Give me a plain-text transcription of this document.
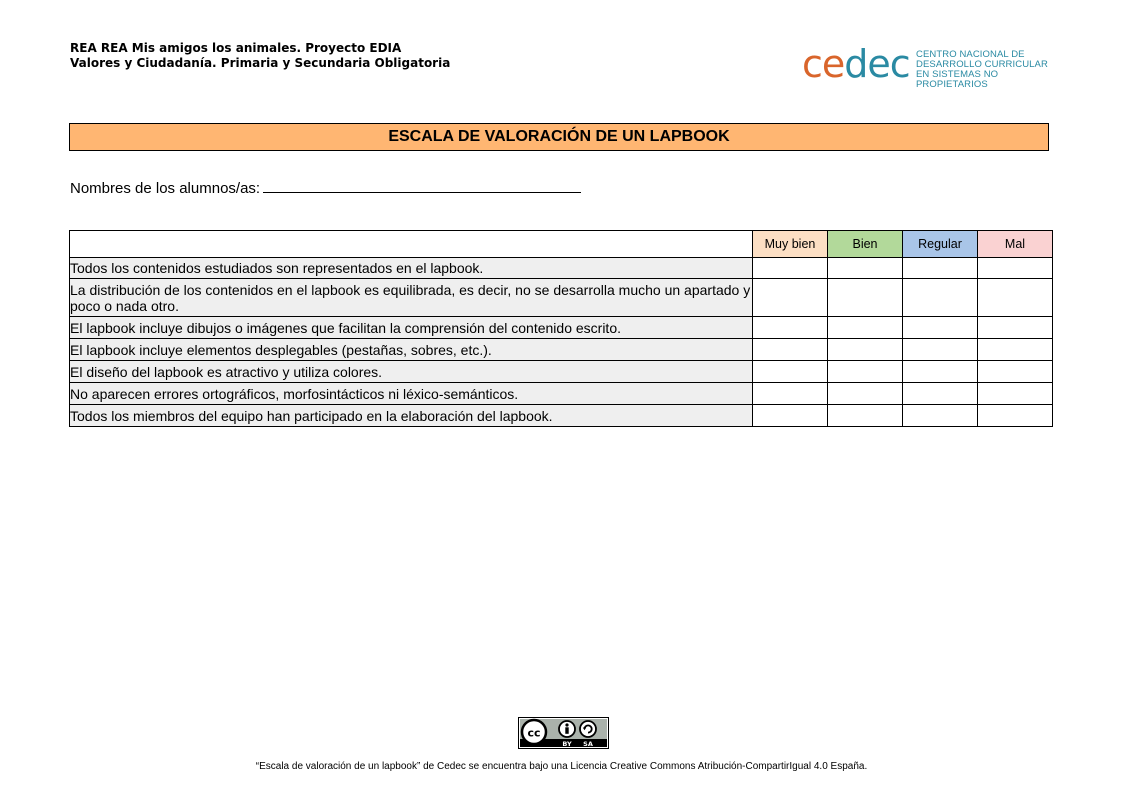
REA REA Mis amigos los animales. Proyecto EDIA
Valores y Ciudadanía. Primaria y Secundaria Obligatoria	cedec CENTRO NACIONAL DE
DESARROLLO CURRICULAR
EN SISTEMAS NO PROPIETARIOS
ESCALA DE VALORACIÓN DE UN LAPBOOK
Nombres de los alumnos/as:
	Muy bien	Bien	Regular	Mal
Todos los contenidos estudiados son representados en el lapbook.				
La distribución de los contenidos en el lapbook es equilibrada, es decir, no se desarrolla mucho un apartado y poco o nada otro.				
El lapbook incluye dibujos o imágenes que facilitan la comprensión del contenido escrito.				
El lapbook incluye elementos desplegables (pestañas, sobres, etc.).				
El diseño del lapbook es atractivo y utiliza colores.				
No aparecen errores ortográficos, morfosintácticos ni léxico-semánticos.				
Todos los miembros del equipo han participado en la elaboración del lapbook.				
cc
BY SA
“Escala de valoración de un lapbook” de Cedec se encuentra bajo una Licencia Creative Commons Atribución-CompartirIgual 4.0 España.
